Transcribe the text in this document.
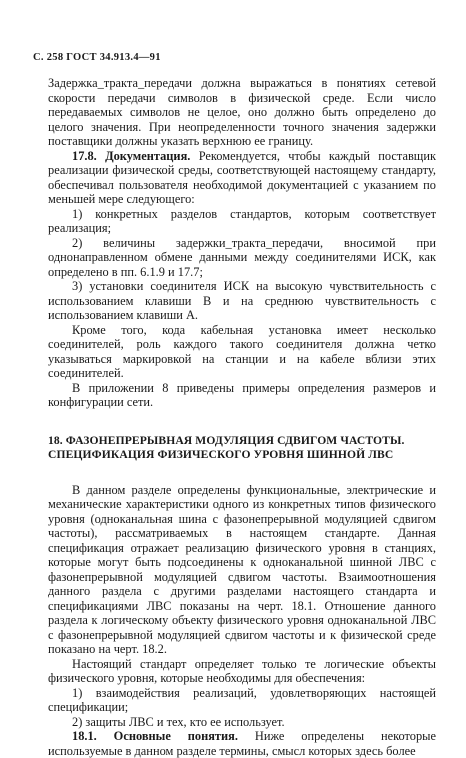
С. 258 ГОСТ 34.913.4—91

Задержка_тракта_передачи должна выражаться в понятиях сетевой скорости передачи символов в физической среде. Если число передаваемых символов не целое, оно должно быть определено до целого значения. При неопределенности точного значения задержки поставщики должны указать верхнюю ее границу.

17.8. Документация. Рекомендуется, чтобы каждый поставщик реализации физической среды, соответствующей настоящему стандарту, обеспечивал пользователя необходимой документацией с указанием по меньшей мере следующего:

1) конкретных разделов стандартов, которым соответствует реализация;

2) величины задержки_тракта_передачи, вносимой при однонаправленном обмене данными между соединителями ИСК, как определено в пп. 6.1.9 и 17.7;

3) установки соединителя ИСК на высокую чувствительность с использованием клавиши В и на среднюю чувствительность с использованием клавиши А.

Кроме того, кода кабельная установка имеет несколько соединителей, роль каждого такого соединителя должна четко указываться маркировкой на станции и на кабеле вблизи этих соединителей.

В приложении 8 приведены примеры определения размеров и конфигурации сети.

18. ФАЗОНЕПРЕРЫВНАЯ МОДУЛЯЦИЯ СДВИГОМ ЧАСТОТЫ.
СПЕЦИФИКАЦИЯ ФИЗИЧЕСКОГО УРОВНЯ ШИННОЙ ЛВС

В данном разделе определены функциональные, электрические и механические характеристики одного из конкретных типов физического уровня (одноканальная шина с фазонепрерывной модуляцией сдвигом частоты), рассматриваемых в настоящем стандарте. Данная спецификация отражает реализацию физического уровня в станциях, которые могут быть подсоединены к одноканальной шинной ЛВС с фазонепрерывной модуляцией сдвигом частоты. Взаимоотношения данного раздела с другими разделами настоящего стандарта и спецификациями ЛВС показаны на черт. 18.1. Отношение данного раздела к логическому объекту физического уровня одноканальной ЛВС с фазонепрерывной модуляцией сдвигом частоты и к физической среде показано на черт. 18.2.

Настоящий стандарт определяет только те логические объекты физического уровня, которые необходимы для обеспечения:

1) взаимодействия реализаций, удовлетворяющих настоящей спецификации;

2) защиты ЛВС и тех, кто ее использует.

18.1. Основные понятия. Ниже определены некоторые используемые в данном разделе термины, смысл которых здесь более
